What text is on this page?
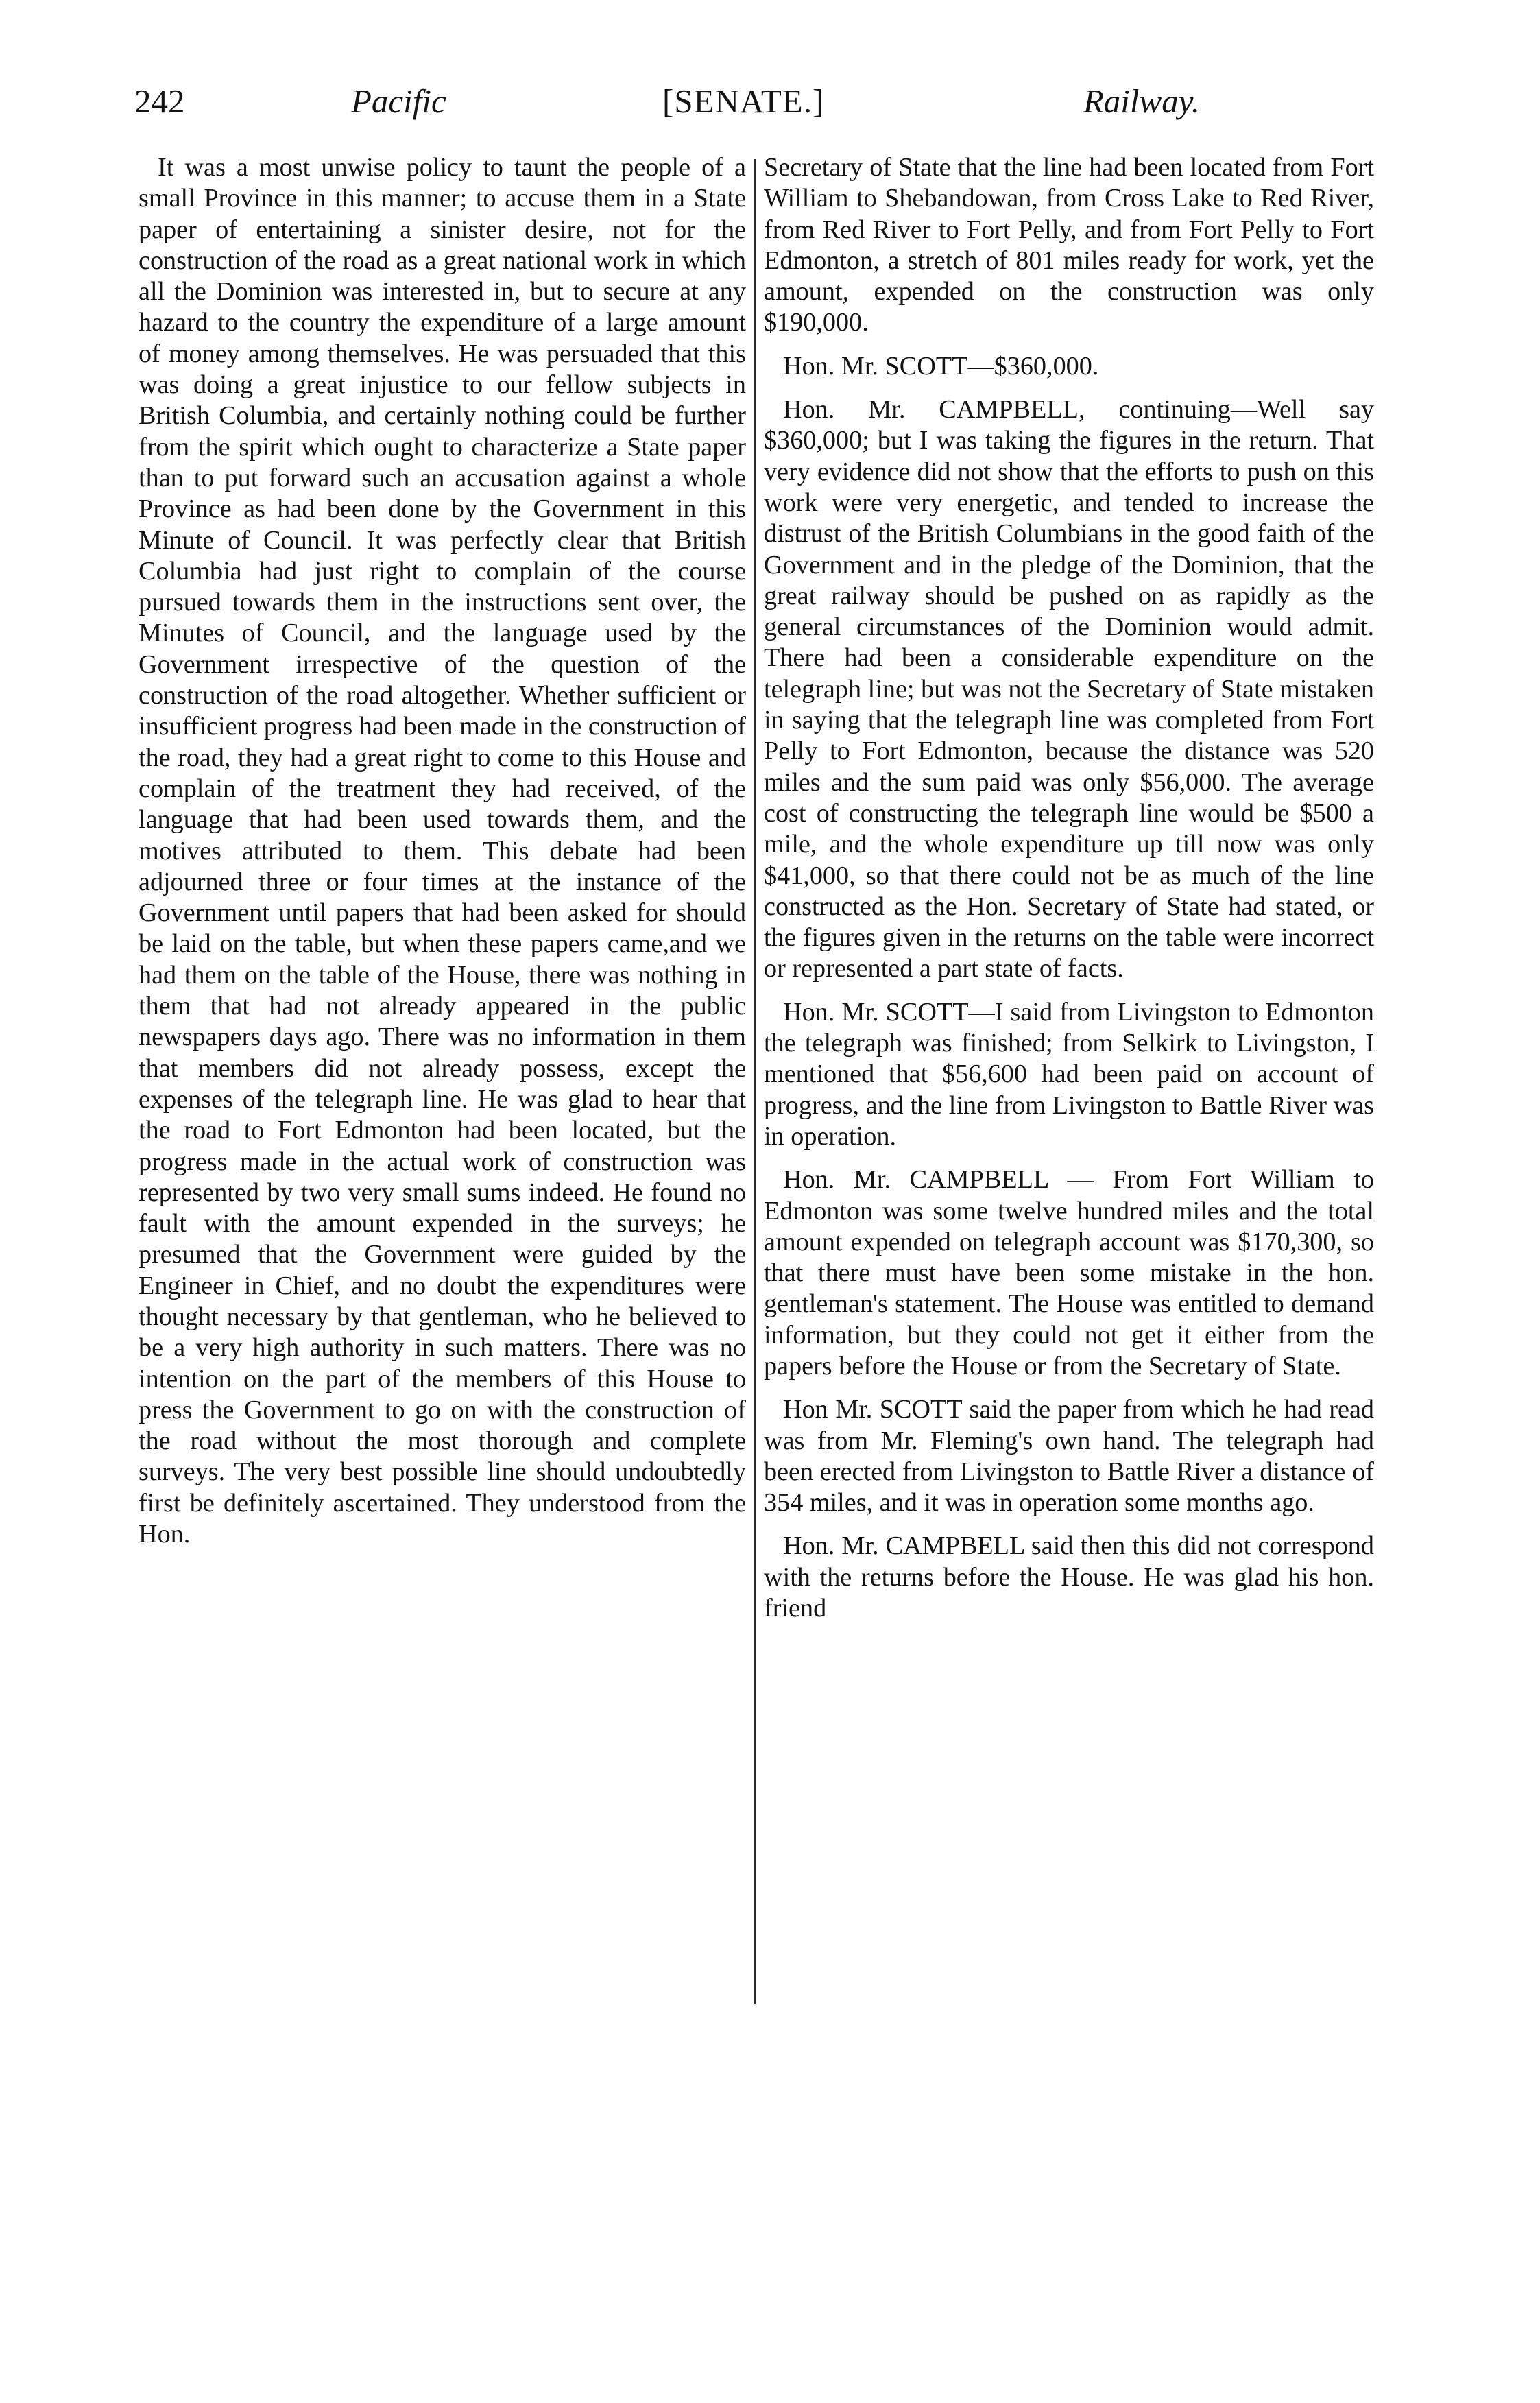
242	Pacific	[SENATE.]	Railway.

It was a most unwise policy to taunt the people of a small Province in this manner; to accuse them in a State paper of entertaining a sinister desire, not for the construction of the road as a great national work in which all the Dominion was interested in, but to secure at any hazard to the country the expenditure of a large amount of money among themselves. He was persuaded that this was doing a great injustice to our fellow subjects in British Columbia, and certainly nothing could be further from the spirit which ought to characterize a State paper than to put forward such an accusation against a whole Province as had been done by the Government in this Minute of Council. It was perfectly clear that British Columbia had just right to complain of the course pursued towards them in the instructions sent over, the Minutes of Council, and the language used by the Government irrespective of the question of the construction of the road altogether. Whether sufficient or insufficient progress had been made in the construction of the road, they had a great right to come to this House and complain of the treatment they had received, of the language that had been used towards them, and the motives attributed to them. This debate had been adjourned three or four times at the instance of the Government until papers that had been asked for should be laid on the table, but when these papers came,and we had them on the table of the House, there was nothing in them that had not already appeared in the public newspapers days ago. There was no information in them that members did not already possess, except the expenses of the telegraph line. He was glad to hear that the road to Fort Edmonton had been located, but the progress made in the actual work of construction was represented by two very small sums indeed. He found no fault with the amount expended in the surveys; he presumed that the Government were guided by the Engineer in Chief, and no doubt the expenditures were thought necessary by that gentleman, who he believed to be a very high authority in such matters. There was no intention on the part of the members of this House to press the Government to go on with the construction of the road without the most thorough and complete surveys. The very best possible line should undoubtedly first be definitely ascertained. They understood from the Hon.

Secretary of State that the line had been located from Fort William to Shebandowan, from Cross Lake to Red River, from Red River to Fort Pelly, and from Fort Pelly to Fort Edmonton, a stretch of 801 miles ready for work, yet the amount, expended on the construction was only $190,000.

Hon. Mr. SCOTT—$360,000.

Hon. Mr. CAMPBELL, continuing—Well say $360,000; but I was taking the figures in the return. That very evidence did not show that the efforts to push on this work were very energetic, and tended to increase the distrust of the British Columbians in the good faith of the Government and in the pledge of the Dominion, that the great railway should be pushed on as rapidly as the general circumstances of the Dominion would admit. There had been a considerable expenditure on the telegraph line; but was not the Secretary of State mistaken in saying that the telegraph line was completed from Fort Pelly to Fort Edmonton, because the distance was 520 miles and the sum paid was only $56,000. The average cost of constructing the telegraph line would be $500 a mile, and the whole expenditure up till now was only $41,000, so that there could not be as much of the line constructed as the Hon. Secretary of State had stated, or the figures given in the returns on the table were incorrect or represented a part state of facts.

Hon. Mr. SCOTT—I said from Livingston to Edmonton the telegraph was finished; from Selkirk to Livingston, I mentioned that $56,600 had been paid on account of progress, and the line from Livingston to Battle River was in operation.

Hon. Mr. CAMPBELL — From Fort William to Edmonton was some twelve hundred miles and the total amount expended on telegraph account was $170,300, so that there must have been some mistake in the hon. gentleman's statement. The House was entitled to demand information, but they could not get it either from the papers before the House or from the Secretary of State.

Hon Mr. SCOTT said the paper from which he had read was from Mr. Fleming's own hand. The telegraph had been erected from Livingston to Battle River a distance of 354 miles, and it was in operation some months ago.

Hon. Mr. CAMPBELL said then this did not correspond with the returns before the House. He was glad his hon. friend
